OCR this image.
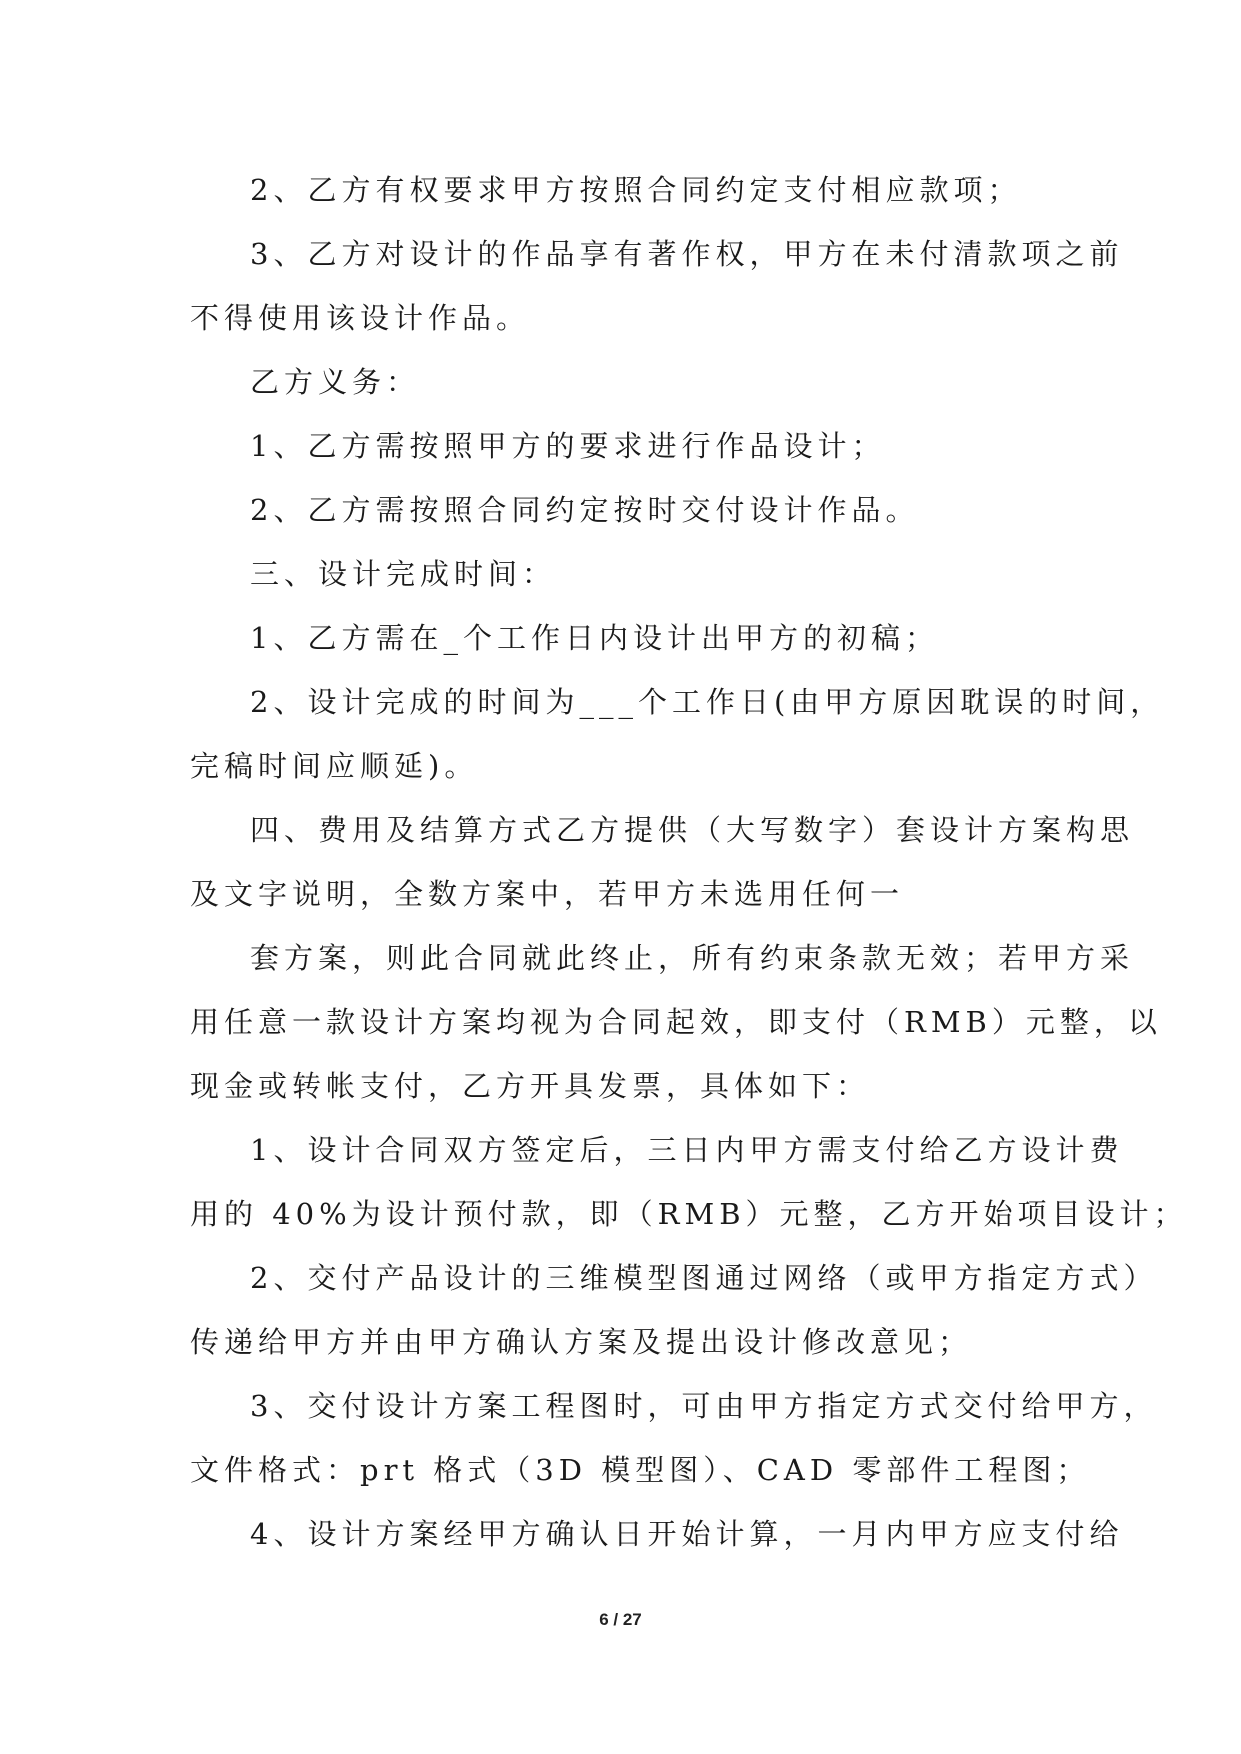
2、乙方有权要求甲方按照合同约定支付相应款项；
3、乙方对设计的作品享有著作权，甲方在未付清款项之前
不得使用该设计作品。
乙方义务：
1、乙方需按照甲方的要求进行作品设计；
2、乙方需按照合同约定按时交付设计作品。
三、设计完成时间：
1、乙方需在_个工作日内设计出甲方的初稿；
2、设计完成的时间为___个工作日(由甲方原因耽误的时间，
完稿时间应顺延)。
四、费用及结算方式乙方提供（大写数字）套设计方案构思
及文字说明，全数方案中，若甲方未选用任何一
套方案，则此合同就此终止，所有约束条款无效；若甲方采
用任意一款设计方案均视为合同起效，即支付（RMB）元整，以
现金或转帐支付，乙方开具发票，具体如下：
1、设计合同双方签定后，三日内甲方需支付给乙方设计费
用的 40%为设计预付款，即（RMB）元整，乙方开始项目设计；
2、交付产品设计的三维模型图通过网络（或甲方指定方式）
传递给甲方并由甲方确认方案及提出设计修改意见；
3、交付设计方案工程图时，可由甲方指定方式交付给甲方，
文件格式：prt 格式（3D 模型图）、CAD 零部件工程图；
4、设计方案经甲方确认日开始计算，一月内甲方应支付给
6 / 27
